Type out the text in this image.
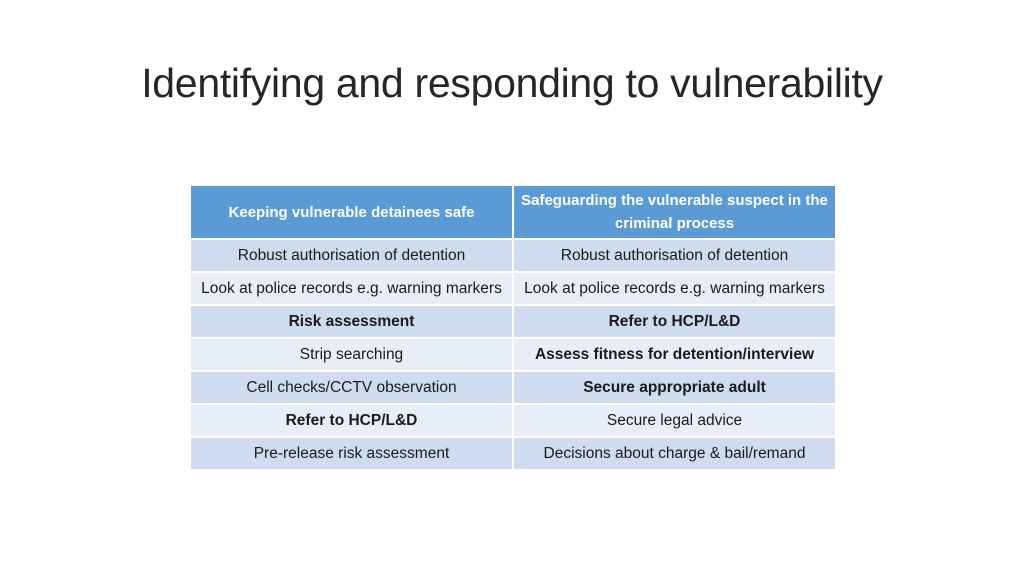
Identifying and responding to vulnerability
Keeping vulnerable detainees safe	Safeguarding the vulnerable suspect in the criminal process
Robust authorisation of detention	Robust authorisation of detention
Look at police records e.g. warning markers	Look at police records e.g. warning markers
Risk assessment	Refer to HCP/L&D
Strip searching	Assess fitness for detention/interview
Cell checks/CCTV observation	Secure appropriate adult
Refer to HCP/L&D	Secure legal advice
Pre-release risk assessment	Decisions about charge & bail/remand
